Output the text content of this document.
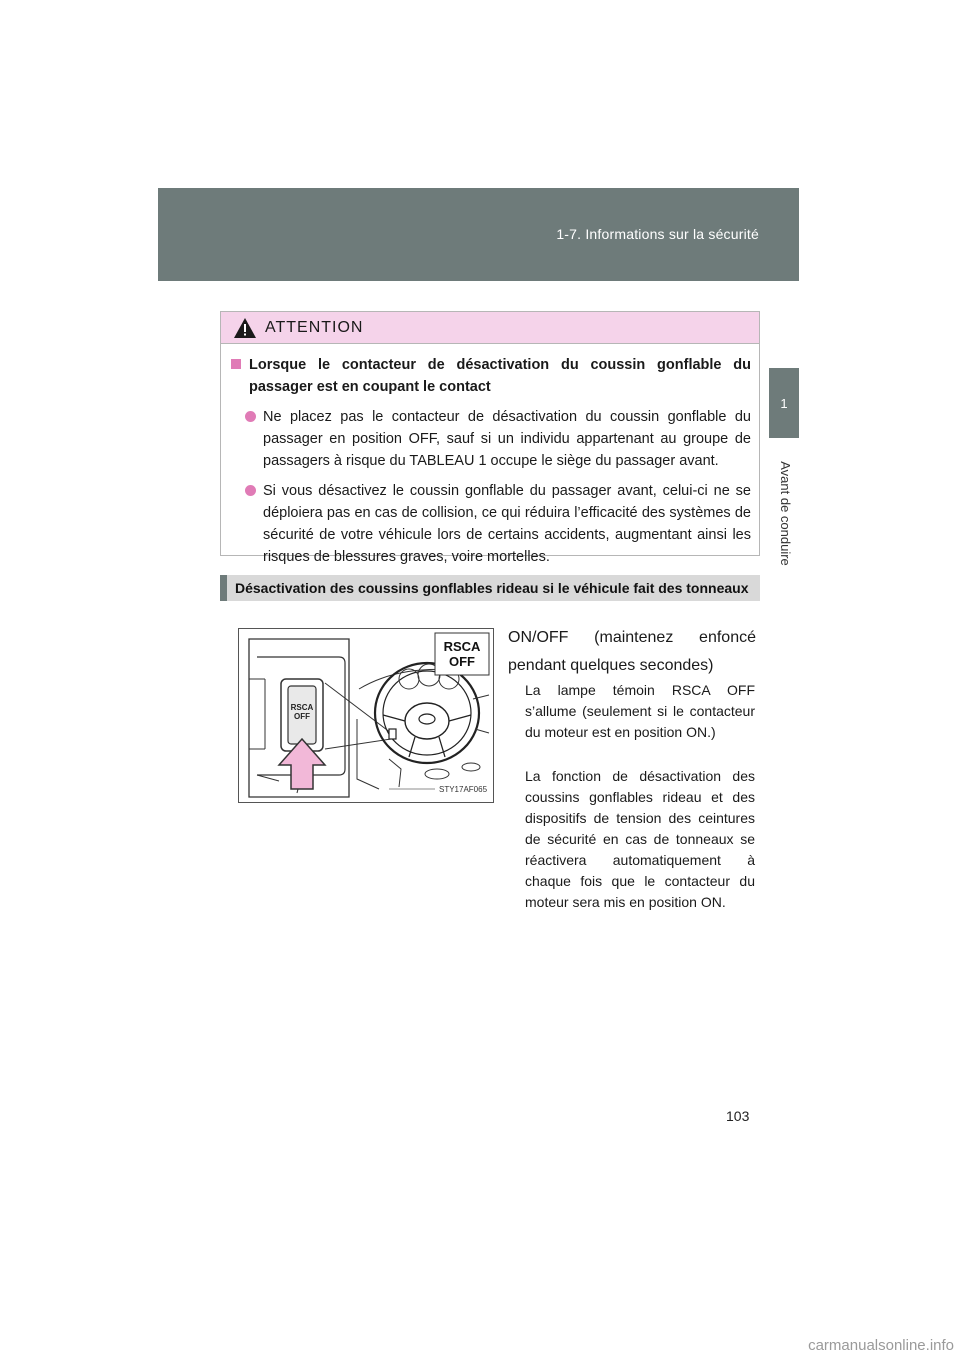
1-7. Informations sur la sécurité
1
Avant de conduire
ATTENTION
Lorsque le contacteur de désactivation du coussin gonflable du passager est en coupant le contact
Ne placez pas le contacteur de désactivation du coussin gonflable du passager en position OFF, sauf si un individu appartenant au groupe de passagers à risque du TABLEAU 1 occupe le siège du passager avant.
Si vous désactivez le coussin gonflable du passager avant, celui-ci ne se déploiera pas en cas de collision, ce qui réduira l’efficacité des systèmes de sécurité de votre véhicule lors de certains accidents, augmentant ainsi les risques de blessures graves, voire mortelles.
Désactivation des coussins gonflables rideau si le véhicule fait des tonneaux
RSCA
OFF
STY17AF065
RSCA
OFF
ON/OFF (maintenez enfoncé pendant quelques secondes)
La lampe témoin RSCA OFF s’allume (seulement si le contacteur du moteur est en position ON.)
La fonction de désactivation des coussins gonflables rideau et des dispositifs de tension des ceintures de sécurité en cas de tonneaux se réactivera automatiquement à chaque fois que le contacteur du moteur sera mis en position ON.
103
carmanualsonline.info
